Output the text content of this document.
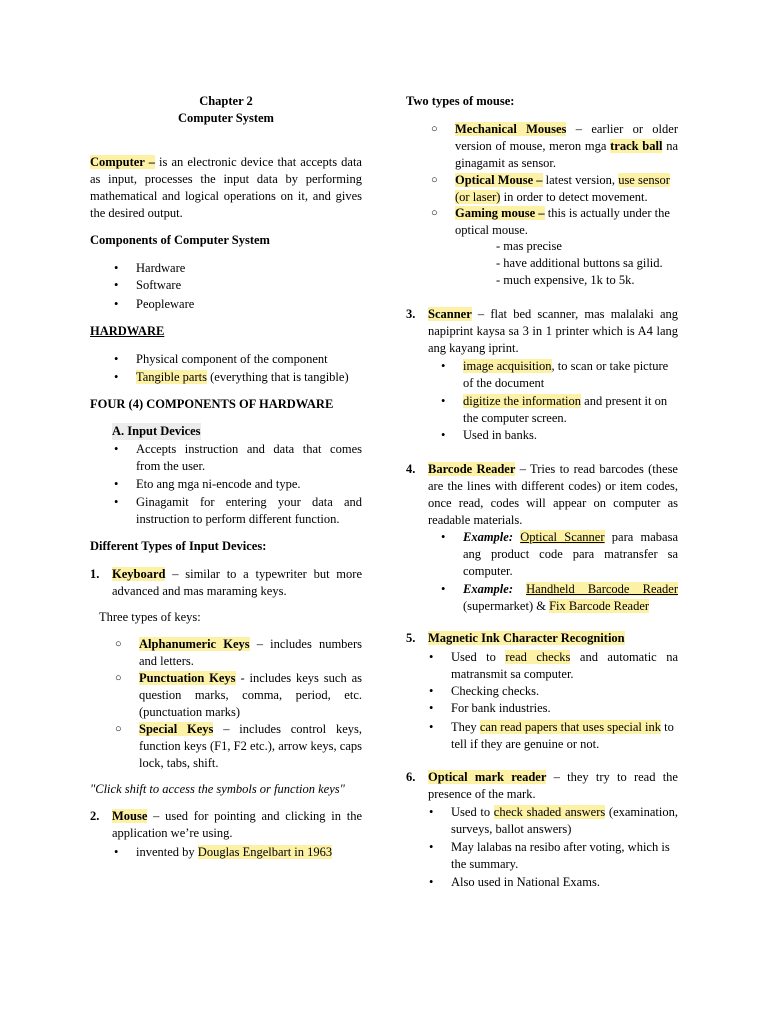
Chapter 2
Computer System
Computer – is an electronic device that accepts data as input, processes the input data by performing mathematical and logical operations on it, and gives the desired output.
Components of Computer System
• Hardware
• Software
• Peopleware
HARDWARE
• Physical component of the component
• Tangible parts (everything that is tangible)
FOUR (4) COMPONENTS OF HARDWARE
A. Input Devices
• Accepts instruction and data that comes from the user.
• Eto ang mga ni-encode and type.
• Ginagamit for entering your data and instruction to perform different function.
Different Types of Input Devices:
1. Keyboard – similar to a typewriter but more advanced and mas maraming keys.
Three types of keys:
○ Alphanumeric Keys – includes numbers and letters.
○ Punctuation Keys - includes keys such as question marks, comma, period, etc. (punctuation marks)
○ Special Keys – includes control keys, function keys (F1, F2 etc.), arrow keys, caps lock, tabs, shift.
"Click shift to access the symbols or function keys"
2. Mouse – used for pointing and clicking in the application we’re using.
• invented by Douglas Engelbart in 1963
Two types of mouse:
○ Mechanical Mouses – earlier or older version of mouse, meron mga track ball na ginagamit as sensor.
○ Optical Mouse – latest version, use sensor (or laser) in order to detect movement.
○ Gaming mouse – this is actually under the optical mouse.
- mas precise
- have additional buttons sa gilid.
- much expensive, 1k to 5k.
3. Scanner – flat bed scanner, mas malalaki ang napiprint kaysa sa 3 in 1 printer which is A4 lang ang kayang iprint.
• image acquisition, to scan or take picture of the document
• digitize the information and present it on the computer screen.
• Used in banks.
4. Barcode Reader – Tries to read barcodes (these are the lines with different codes) or item codes, once read, codes will appear on computer as readable materials.
• Example: Optical Scanner para mabasa ang product code para matransfer sa computer.
• Example: Handheld Barcode Reader (supermarket) & Fix Barcode Reader
5. Magnetic Ink Character Recognition
• Used to read checks and automatic na matransmit sa computer.
• Checking checks.
• For bank industries.
• They can read papers that uses special ink to tell if they are genuine or not.
6. Optical mark reader – they try to read the presence of the mark.
• Used to check shaded answers (examination, surveys, ballot answers)
• May lalabas na resibo after voting, which is the summary.
• Also used in National Exams.
